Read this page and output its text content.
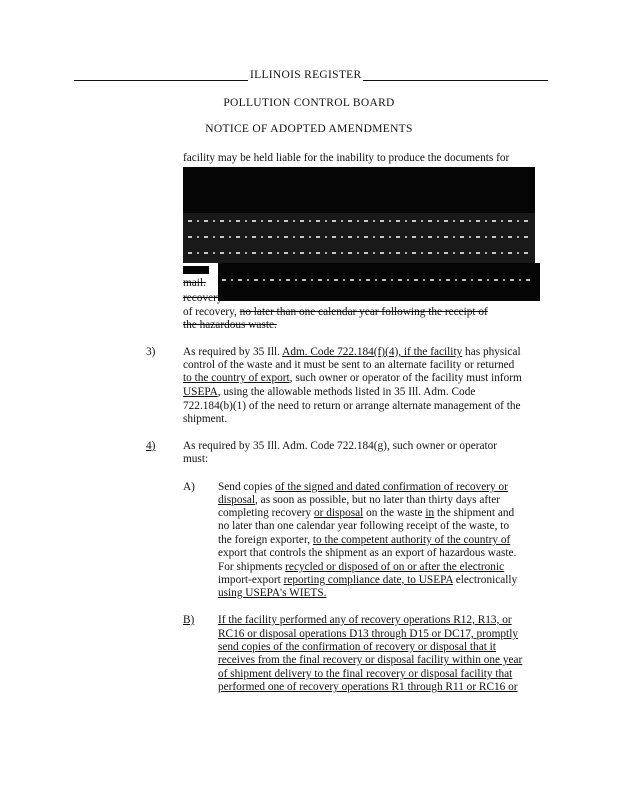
ILLINOIS REGISTER
POLLUTION CONTROL BOARD
NOTICE OF ADOPTED AMENDMENTS
facility may be held liable for the inability to produce the documents for
mail.
recovery
of recovery, no later than one calendar year following the receipt of
the hazardous waste.
3) As required by 35 Ill. Adm. Code 722.184(f)(4), if the facility has physical
control of the waste and it must be sent to an alternate facility or returned
to the country of export, such owner or operator of the facility must inform
USEPA, using the allowable methods listed in 35 Ill. Adm. Code
722.184(b)(1) of the need to return or arrange alternate management of the
shipment.
4) As required by 35 Ill. Adm. Code 722.184(g), such owner or operator
must:
A) Send copies of the signed and dated confirmation of recovery or
disposal, as soon as possible, but no later than thirty days after
completing recovery or disposal on the waste in the shipment and
no later than one calendar year following receipt of the waste, to
the foreign exporter, to the competent authority of the country of
export that controls the shipment as an export of hazardous waste.
For shipments recycled or disposed of on or after the electronic
import-export reporting compliance date, to USEPA electronically
using USEPA's WIETS.
B) If the facility performed any of recovery operations R12, R13, or
RC16 or disposal operations D13 through D15 or DC17, promptly
send copies of the confirmation of recovery or disposal that it
receives from the final recovery or disposal facility within one year
of shipment delivery to the final recovery or disposal facility that
performed one of recovery operations R1 through R11 or RC16 or
